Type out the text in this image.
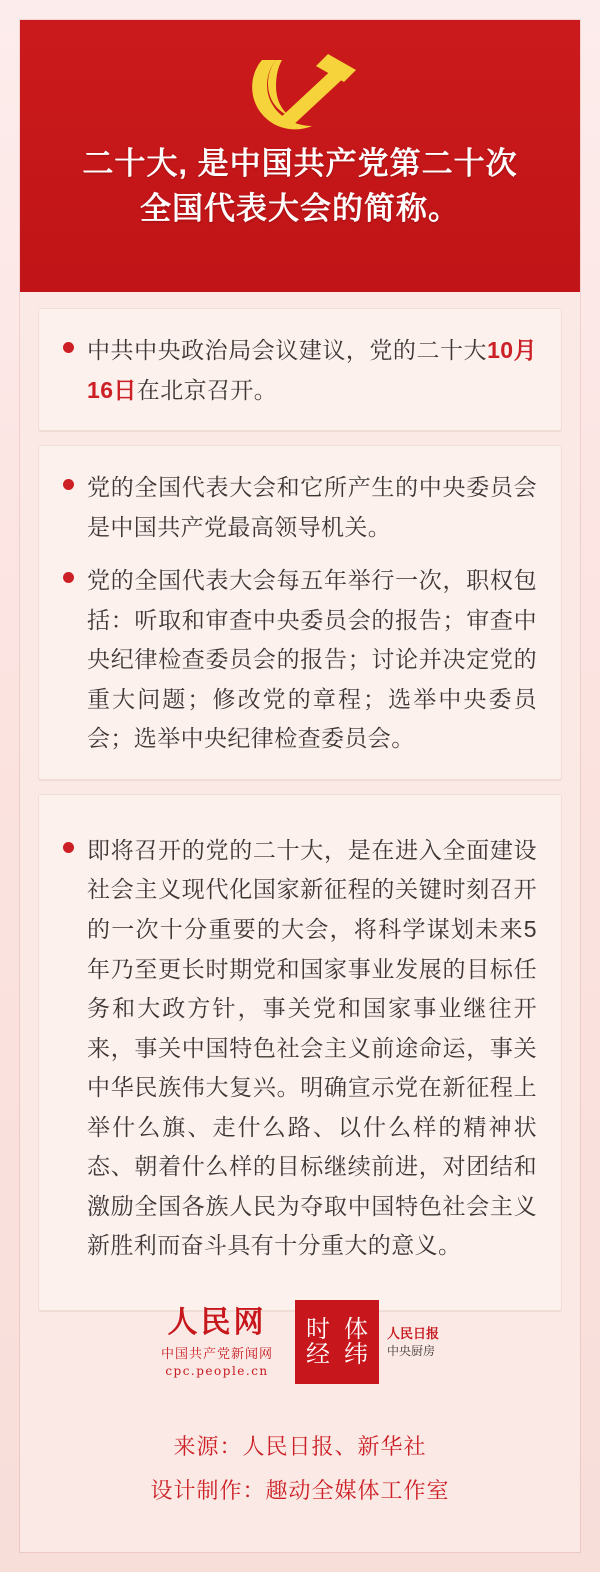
二十大, 是中国共产党第二十次
全国代表大会的简称。
中共中央政治局会议建议，党的二十大10月16日在北京召开。
党的全国代表大会和它所产生的中央委员会是中国共产党最高领导机关。
党的全国代表大会每五年举行一次，职权包括：听取和审查中央委员会的报告；审查中央纪律检查委员会的报告；讨论并决定党的重大问题；修改党的章程；选举中央委员会；选举中央纪律检查委员会。
即将召开的党的二十大，是在进入全面建设社会主义现代化国家新征程的关键时刻召开的一次十分重要的大会，将科学谋划未来5年乃至更长时期党和国家事业发展的目标任务和大政方针，事关党和国家事业继往开来，事关中国特色社会主义前途命运，事关中华民族伟大复兴。明确宣示党在新征程上举什么旗、走什么路、以什么样的精神状态、朝着什么样的目标继续前进，对团结和激励全国各族人民为夺取中国特色社会主义新胜利而奋斗具有十分重大的意义。
人民网
中国共产党新闻网
cpc.people.cn
时 体
经 纬
人民日报
中央厨房
来源：人民日报、新华社
设计制作：趣动全媒体工作室
